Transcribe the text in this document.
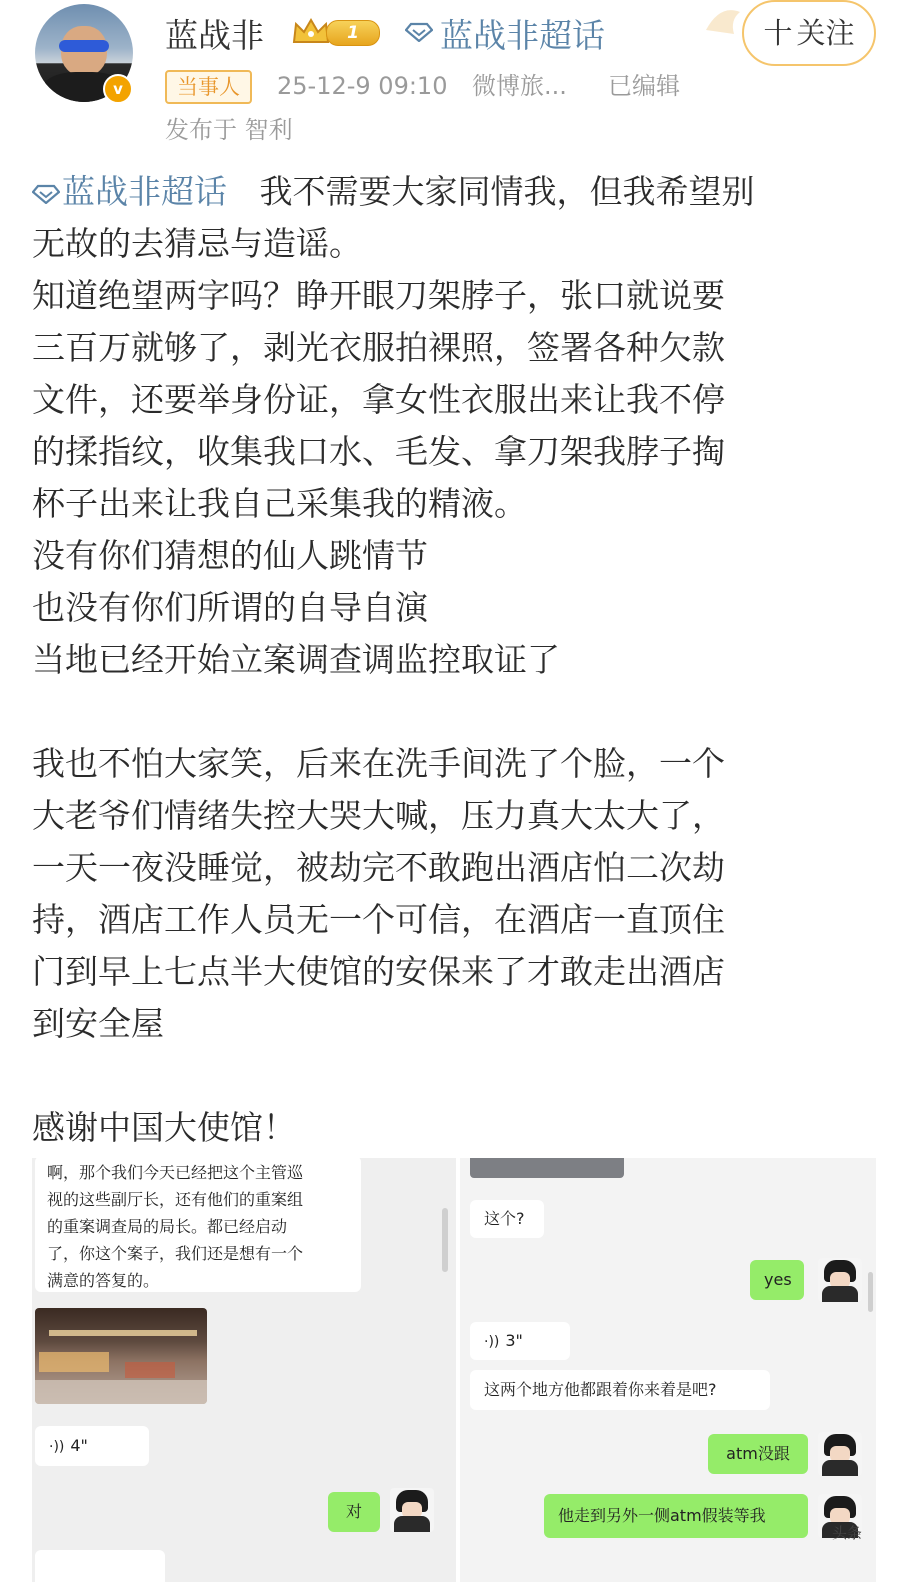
v
蓝战非	1	蓝战非超话	十 关注
当事人	25-12-9 09:10 微博旅... 已编辑
发布于 智利
蓝战非超话 我不需要大家同情我，但我希望别
无故的去猜忌与造谣。
知道绝望两字吗？睁开眼刀架脖子，张口就说要
三百万就够了，剥光衣服拍裸照，签署各种欠款
文件，还要举身份证，拿女性衣服出来让我不停
的揉指纹，收集我口水、毛发、拿刀架我脖子掏
杯子出来让我自己采集我的精液。
没有你们猜想的仙人跳情节
也没有你们所谓的自导自演
当地已经开始立案调查调监控取证了
我也不怕大家笑，后来在洗手间洗了个脸，一个
大老爷们情绪失控大哭大喊，压力真大太大了，
一天一夜没睡觉，被劫完不敢跑出酒店怕二次劫
持，酒店工作人员无一个可信，在酒店一直顶住
门到早上七点半大使馆的安保来了才敢走出酒店
到安全屋
感谢中国大使馆！
啊，那个我们今天已经把这个主管巡
视的这些副厅长，还有他们的重案组
的重案调查局的局长。都已经启动
了，你这个案子，我们还是想有一个
满意的答复的。
·)) 4"
对
这个?
yes
·)) 3"
这两个地方他都跟着你来着是吧?
atm没跟
他走到另外一侧atm假装等我
头条
